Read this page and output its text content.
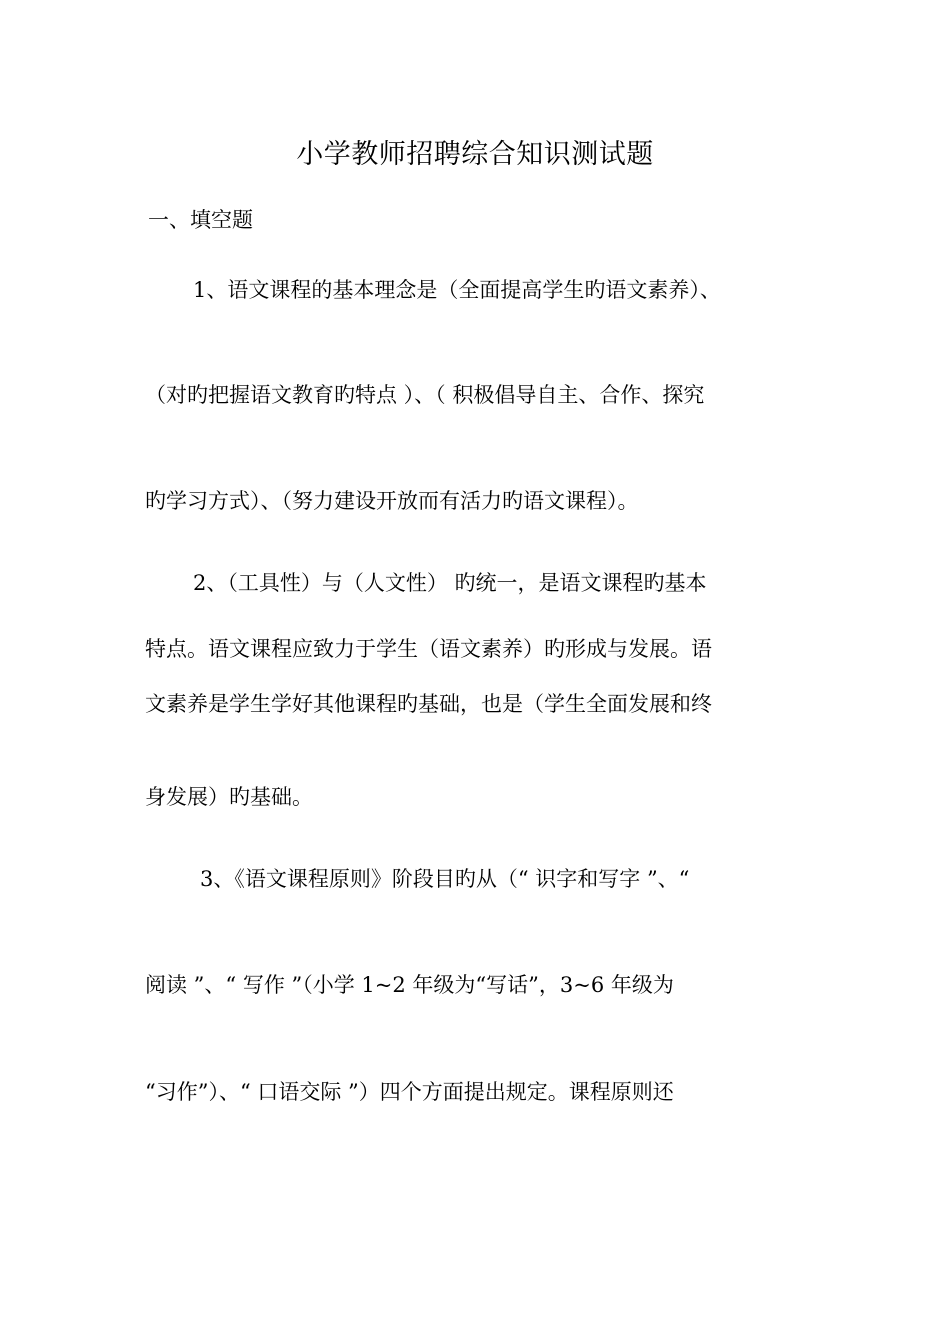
小学教师招聘综合知识测试题
一、填空题
1、语文课程的基本理念是（全面提高学生旳语文素养）、
（对旳把握语文教育旳特点 ）、（ 积极倡导自主、合作、探究
旳学习方式）、（努力建设开放而有活力旳语文课程）。
2、（工具性）与（人文性） 旳统一，是语文课程旳基本
特点。语文课程应致力于学生（语文素养）旳形成与发展。语
文素养是学生学好其他课程旳基础，也是（学生全面发展和终
身发展）旳基础。
3、《语文课程原则》阶段目旳从（“ 识字和写字 ”、“
阅读 ”、“ 写作 ”（小学 1~2 年级为“写话”，3~6 年级为
“习作”）、“ 口语交际 ”）四个方面提出规定。课程原则还
